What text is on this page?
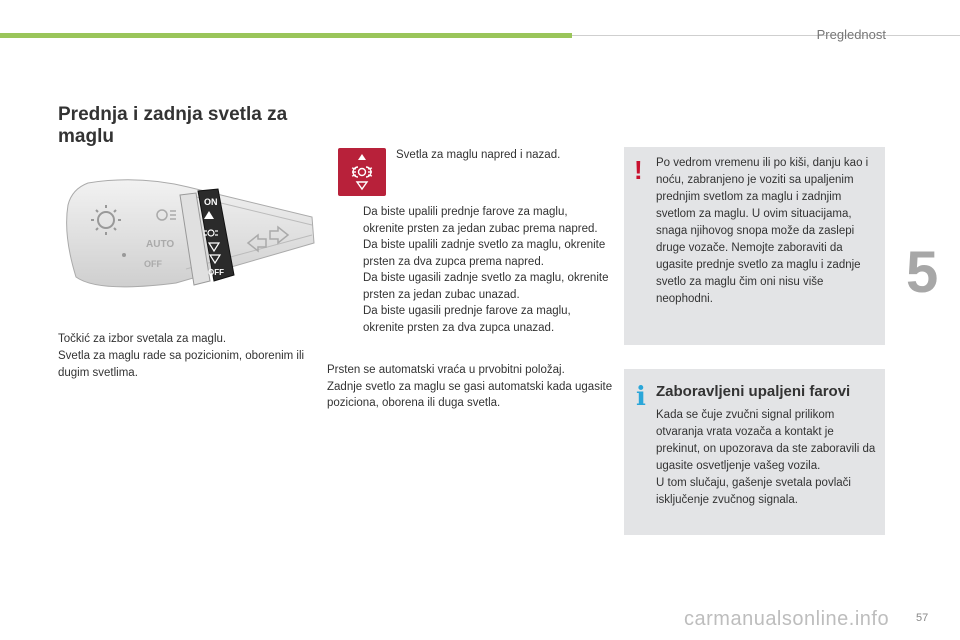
Preglednost
5
Prednja i zadnja svetla za maglu
AUTO
OFF
ON
OFF

Točkić za izbor svetala za maglu.

Svetla za maglu rade sa pozicionim, oborenim ili dugim svetlima.

Svetla za maglu napred i nazad.
Da biste upalili prednje farove za maglu, okrenite prsten za jedan zubac prema napred.
Da biste upalili zadnje svetlo za maglu, okrenite prsten za dva zupca prema napred.
Da biste ugasili zadnje svetlo za maglu, okrenite prsten za jedan zubac unazad.
Da biste ugasili prednje farove za maglu, okrenite prsten za dva zupca unazad.

Prsten se automatski vraća u prvobitni položaj.

Zadnje svetlo za maglu se gasi automatski kada ugasite poziciona, oborena ili duga svetla.

! Po vedrom vremenu ili po kiši, danju kao i noću, zabranjeno je voziti sa upaljenim prednjim svetlom za maglu i zadnjim svetlom za maglu. U ovim situacijama, snaga njihovog snopa može da zaslepi druge vozače. Nemojte zaboraviti da ugasite prednje svetlo za maglu i zadnje svetlo za maglu čim oni nisu više neophodni.

i Zaboravljeni upaljeni farovi

Kada se čuje zvučni signal prilikom otvaranja vrata vozača a kontakt je prekinut, on upozorava da ste zaboravili da ugasite osvetljenje vašeg vozila.

U tom slučaju, gašenje svetala povlači isključenje zvučnog signala.

carmanualsonline.info 57
